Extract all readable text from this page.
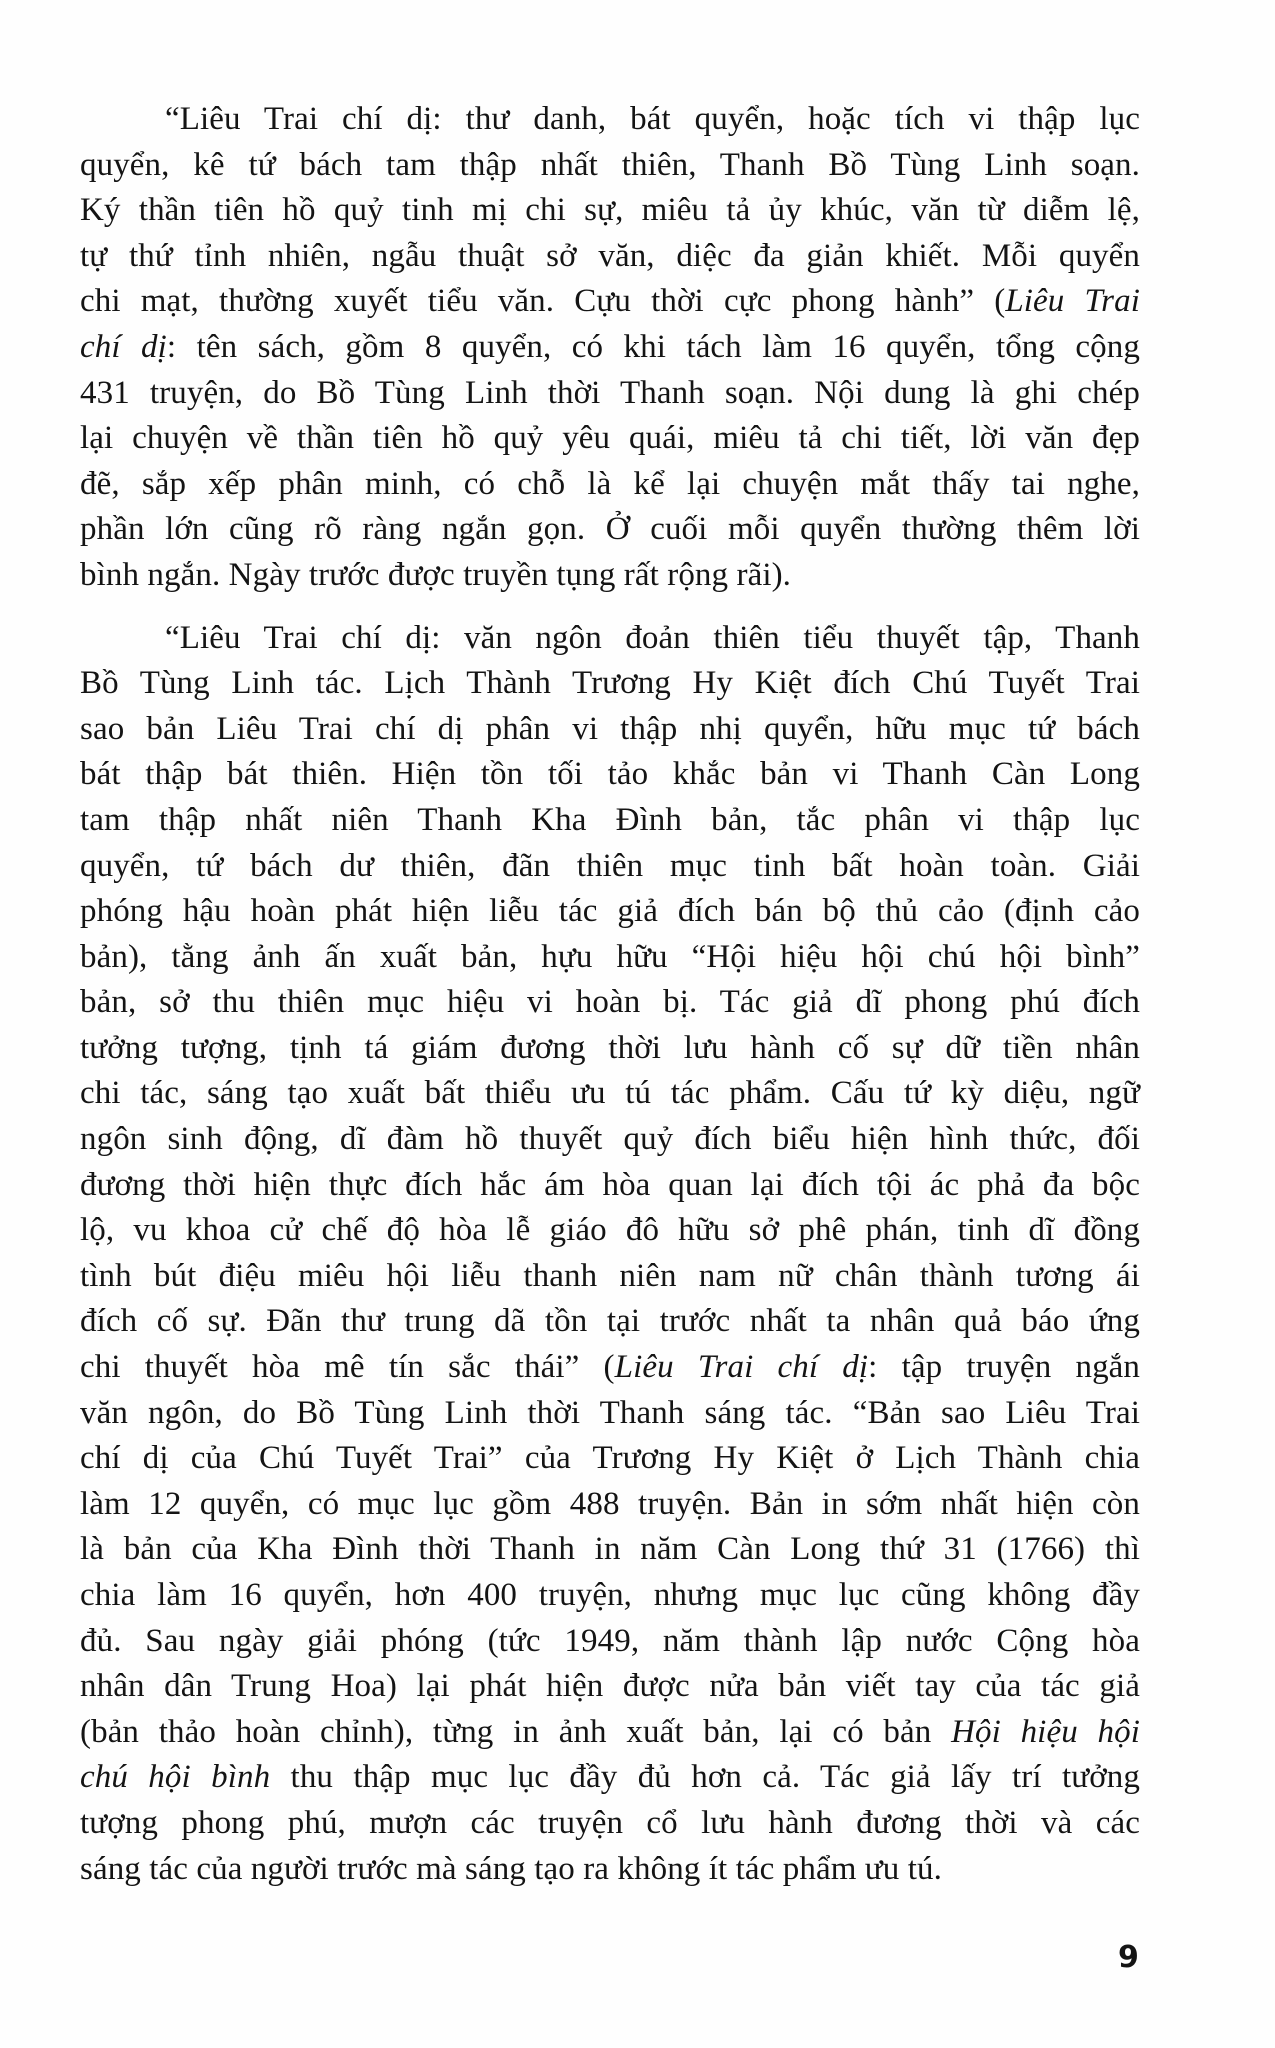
“Liêu Trai chí dị: thư danh, bát quyển, hoặc tích vi thập lục
quyển, kê tứ bách tam thập nhất thiên, Thanh Bồ Tùng Linh soạn.
Ký thần tiên hồ quỷ tinh mị chi sự, miêu tả ủy khúc, văn từ diễm lệ,
tự thứ tỉnh nhiên, ngẫu thuật sở văn, diệc đa giản khiết. Mỗi quyển
chi mạt, thường xuyết tiểu văn. Cựu thời cực phong hành” (Liêu Trai
chí dị: tên sách, gồm 8 quyển, có khi tách làm 16 quyển, tổng cộng
431 truyện, do Bồ Tùng Linh thời Thanh soạn. Nội dung là ghi chép
lại chuyện về thần tiên hồ quỷ yêu quái, miêu tả chi tiết, lời văn đẹp
đẽ, sắp xếp phân minh, có chỗ là kể lại chuyện mắt thấy tai nghe,
phần lớn cũng rõ ràng ngắn gọn. Ở cuối mỗi quyển thường thêm lời
bình ngắn. Ngày trước được truyền tụng rất rộng rãi).
“Liêu Trai chí dị: văn ngôn đoản thiên tiểu thuyết tập, Thanh
Bồ Tùng Linh tác. Lịch Thành Trương Hy Kiệt đích Chú Tuyết Trai
sao bản Liêu Trai chí dị phân vi thập nhị quyển, hữu mục tứ bách
bát thập bát thiên. Hiện tồn tối tảo khắc bản vi Thanh Càn Long
tam thập nhất niên Thanh Kha Đình bản, tắc phân vi thập lục
quyển, tứ bách dư thiên, đãn thiên mục tinh bất hoàn toàn. Giải
phóng hậu hoàn phát hiện liễu tác giả đích bán bộ thủ cảo (định cảo
bản), tằng ảnh ấn xuất bản, hựu hữu “Hội hiệu hội chú hội bình”
bản, sở thu thiên mục hiệu vi hoàn bị. Tác giả dĩ phong phú đích
tưởng tượng, tịnh tá giám đương thời lưu hành cố sự dữ tiền nhân
chi tác, sáng tạo xuất bất thiểu ưu tú tác phẩm. Cấu tứ kỳ diệu, ngữ
ngôn sinh động, dĩ đàm hồ thuyết quỷ đích biểu hiện hình thức, đối
đương thời hiện thực đích hắc ám hòa quan lại đích tội ác phả đa bộc
lộ, vu khoa cử chế độ hòa lễ giáo đô hữu sở phê phán, tinh dĩ đồng
tình bút điệu miêu hội liễu thanh niên nam nữ chân thành tương ái
đích cố sự. Đãn thư trung dã tồn tại trước nhất ta nhân quả báo ứng
chi thuyết hòa mê tín sắc thái” (Liêu Trai chí dị: tập truyện ngắn
văn ngôn, do Bồ Tùng Linh thời Thanh sáng tác. “Bản sao Liêu Trai
chí dị của Chú Tuyết Trai” của Trương Hy Kiệt ở Lịch Thành chia
làm 12 quyển, có mục lục gồm 488 truyện. Bản in sớm nhất hiện còn
là bản của Kha Đình thời Thanh in năm Càn Long thứ 31 (1766) thì
chia làm 16 quyển, hơn 400 truyện, nhưng mục lục cũng không đầy
đủ. Sau ngày giải phóng (tức 1949, năm thành lập nước Cộng hòa
nhân dân Trung Hoa) lại phát hiện được nửa bản viết tay của tác giả
(bản thảo hoàn chỉnh), từng in ảnh xuất bản, lại có bản Hội hiệu hội
chú hội bình thu thập mục lục đầy đủ hơn cả. Tác giả lấy trí tưởng
tượng phong phú, mượn các truyện cổ lưu hành đương thời và các
sáng tác của người trước mà sáng tạo ra không ít tác phẩm ưu tú.
9
